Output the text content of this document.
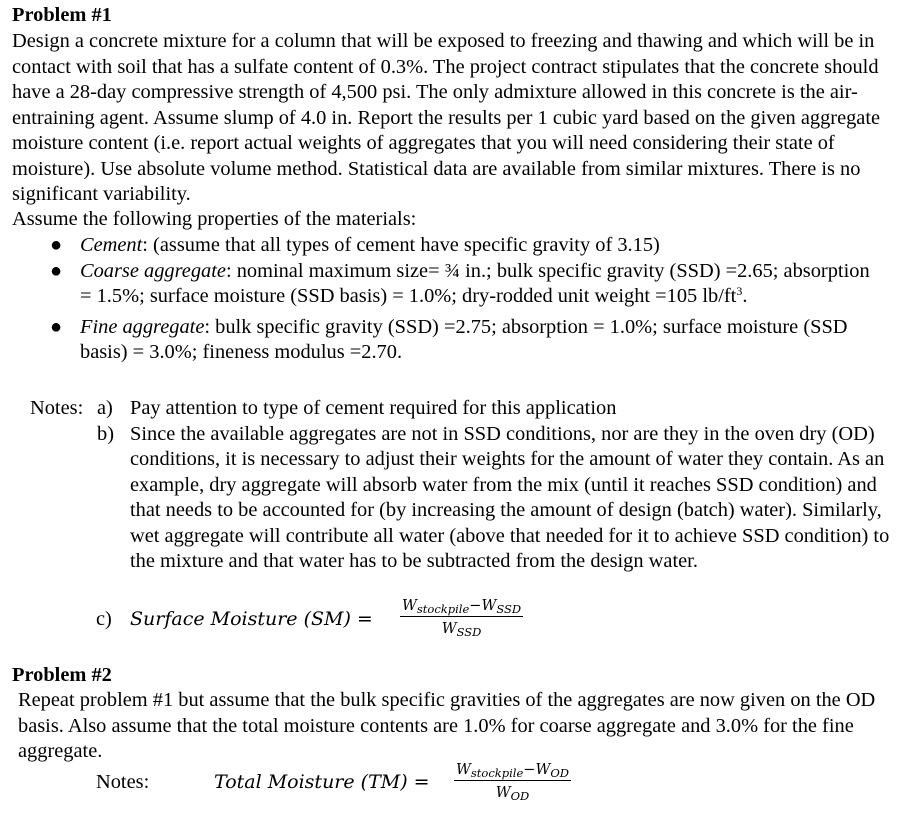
Problem #1

Design a concrete mixture for a column that will be exposed to freezing and thawing and which will be in contact with soil that has a sulfate content of 0.3%. The project contract stipulates that the concrete should have a 28-day compressive strength of 4,500 psi. The only admixture allowed in this concrete is the air-entraining agent. Assume slump of 4.0 in. Report the results per 1 cubic yard based on the given aggregate moisture content (i.e. report actual weights of aggregates that you will need considering their state of moisture). Use absolute volume method. Statistical data are available from similar mixtures. There is no significant variability.

Assume the following properties of the materials:

● Cement: (assume that all types of cement have specific gravity of 3.15)
● Coarse aggregate: nominal maximum size= ¾ in.; bulk specific gravity (SSD) =2.65; absorption = 1.5%; surface moisture (SSD basis) = 1.0%; dry-rodded unit weight =105 $lb/ft^3$.
● Fine aggregate: bulk specific gravity (SSD) =2.75; absorption = 1.0%; surface moisture (SSD basis) = 3.0%; fineness modulus =2.70.
Notes: a) Pay attention to type of cement required for this application
b) Since the available aggregates are not in SSD conditions, nor are they in the oven dry (OD) conditions, it is necessary to adjust their weights for the amount of water they contain. As an example, dry aggregate will absorb water from the mix (until it reaches SSD condition) and that needs to be accounted for (by increasing the amount of design (batch) water). Similarly, wet aggregate will contribute all water (above that needed for it to achieve SSD condition) to the mixture and that water has to be subtracted from the design water.
c) Surface Moisture (SM) =
$W_{stockpile}-W_{SSD}$
$W_{SSD}$

Problem #2

Repeat problem #1 but assume that the bulk specific gravities of the aggregates are now given on the OD basis. Also assume that the total moisture contents are 1.0% for coarse aggregate and 3.0% for the fine aggregate.

Notes:	Total Moisture (TM) =
$W_{stockpile}-W_{OD}$
$W_{OD}$
